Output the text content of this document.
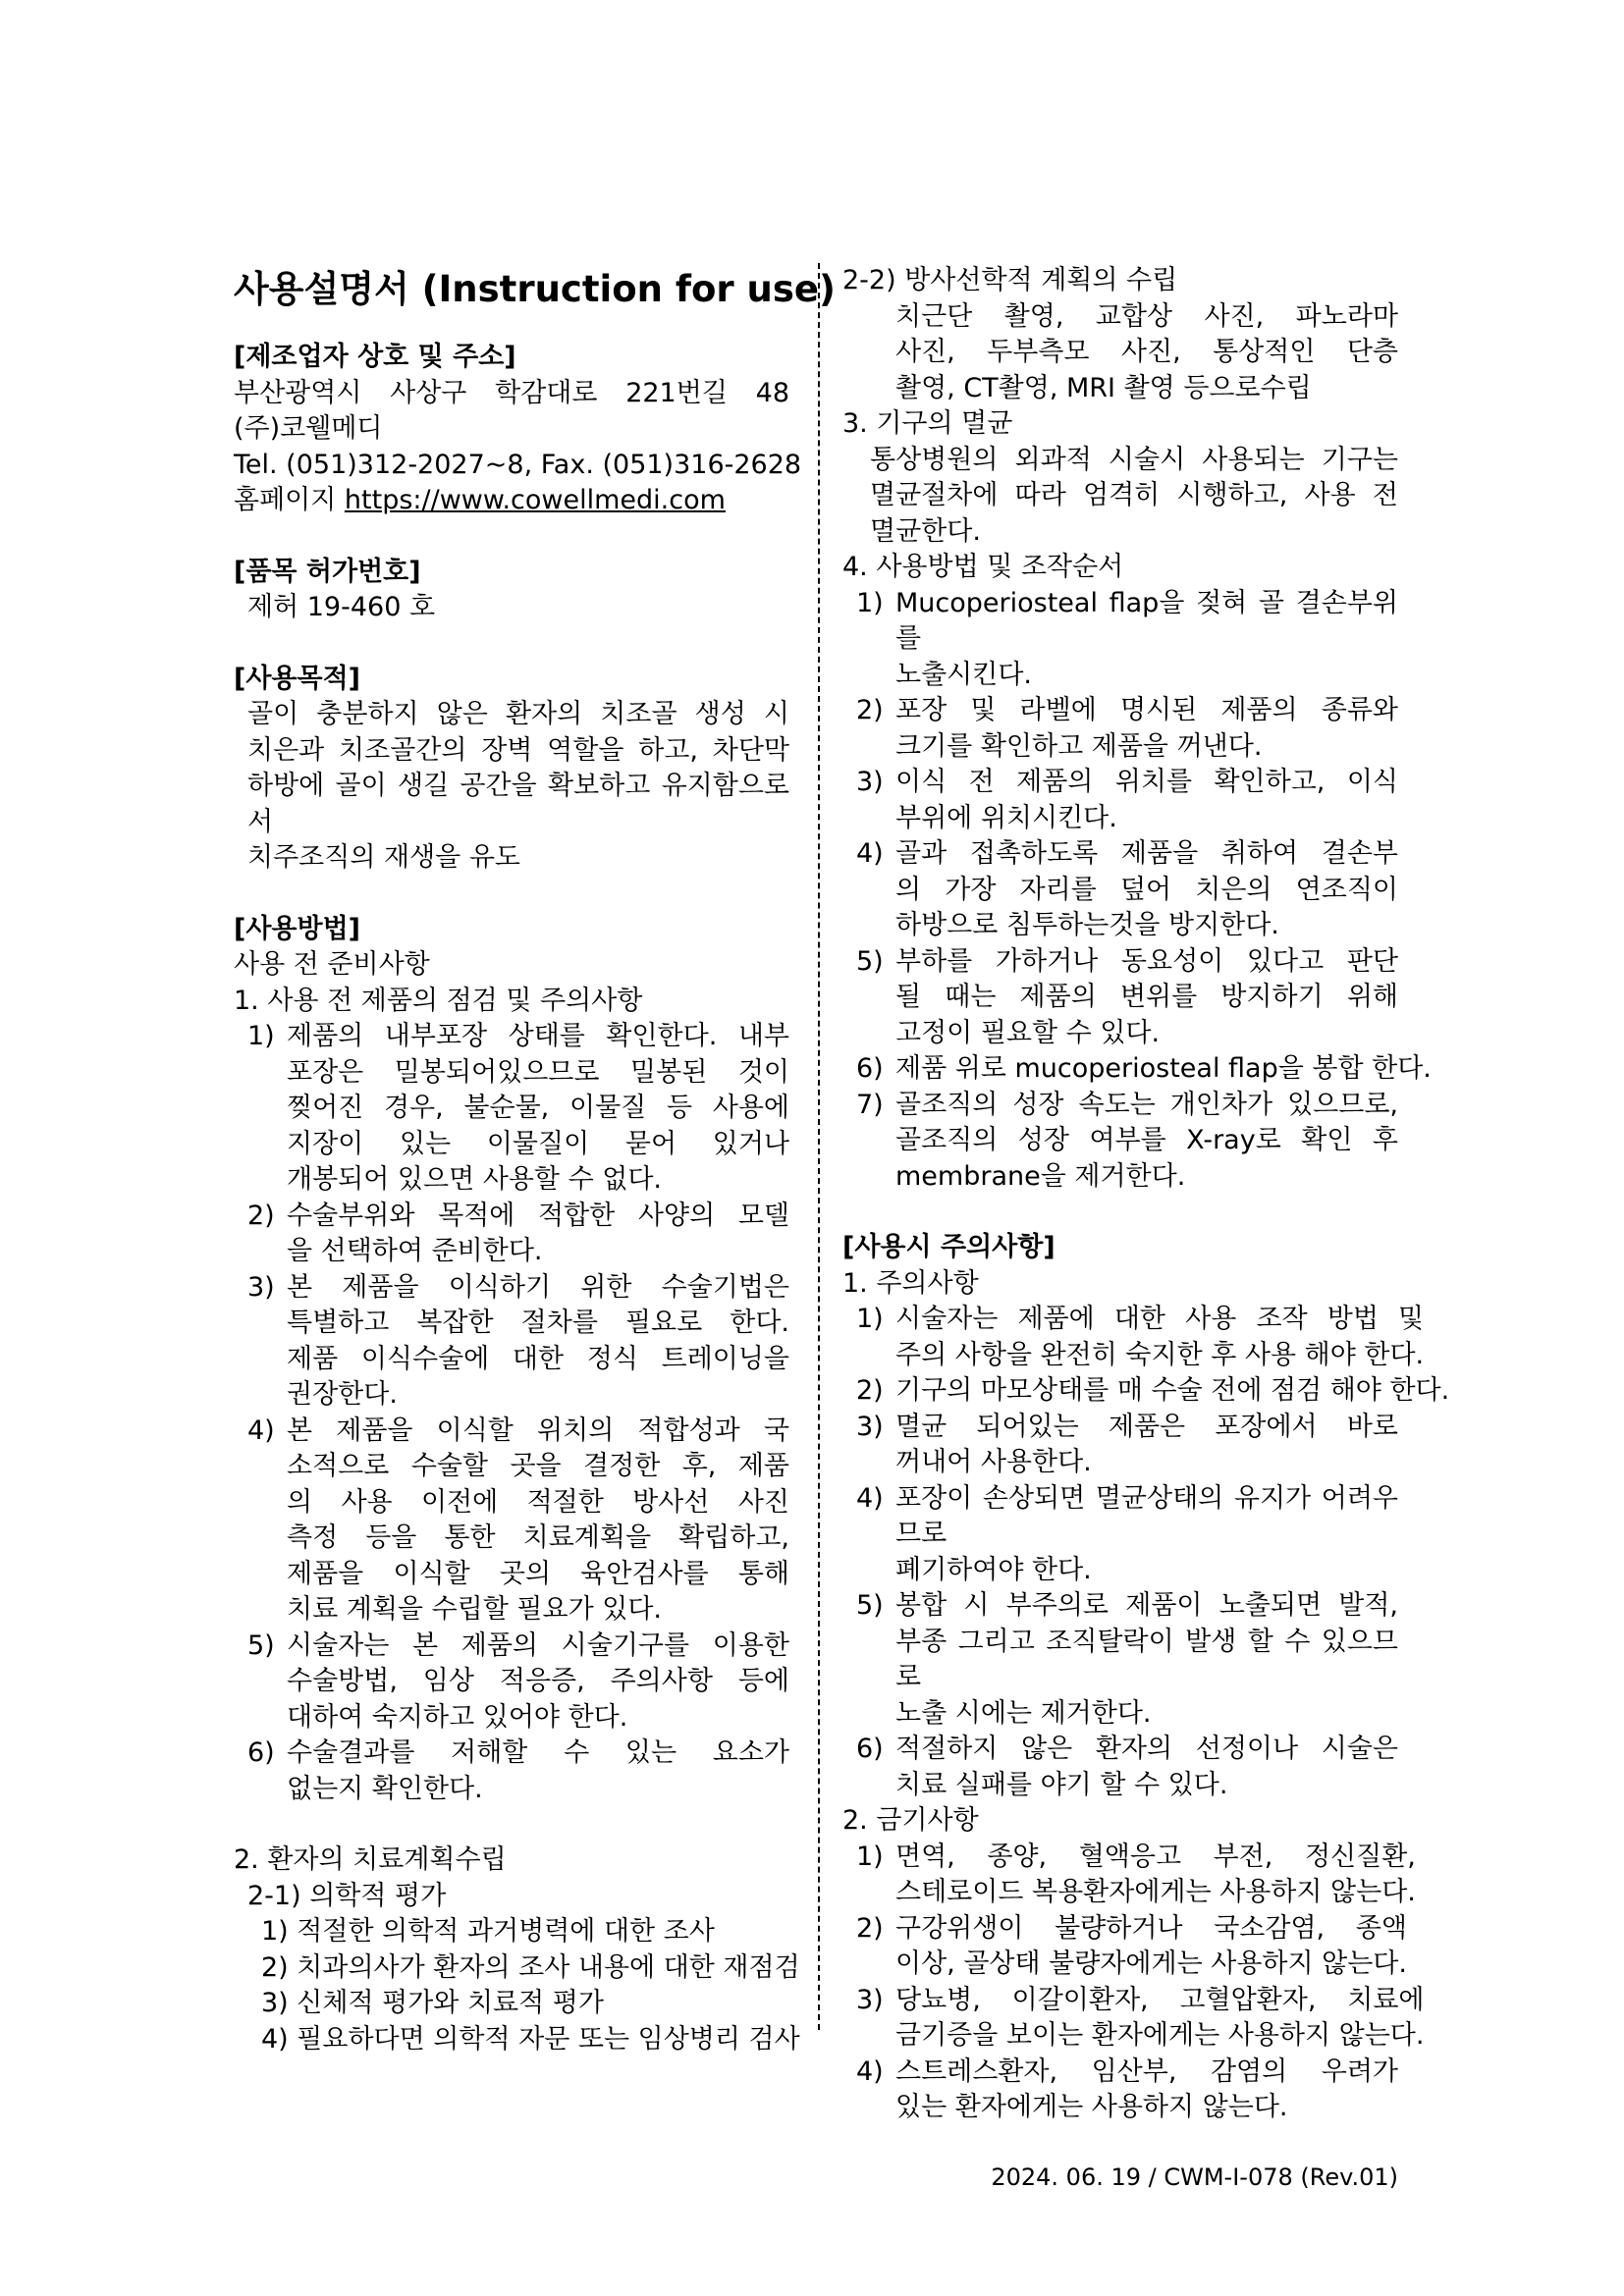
사용설명서 (Instruction for use)
[제조업자 상호 및 주소]
부산광역시 사상구 학감대로 221번길 48
(주)코웰메디
Tel. (051)312-2027~8, Fax. (051)316-2628
홈페이지 https://www.cowellmedi.com
[품목 허가번호]
제허 19-460 호
[사용목적]
골이 충분하지 않은 환자의 치조골 생성 시
치은과 치조골간의 장벽 역할을 하고, 차단막
하방에 골이 생길 공간을 확보하고 유지함으로서
치주조직의 재생을 유도
[사용방법]
사용 전 준비사항
1. 사용 전 제품의 점검 및 주의사항
1) 제품의 내부포장 상태를 확인한다. 내부
포장은 밀봉되어있으므로 밀봉된 것이
찢어진 경우, 불순물, 이물질 등 사용에
지장이 있는 이물질이 묻어 있거나
개봉되어 있으면 사용할 수 없다.
2) 수술부위와 목적에 적합한 사양의 모델
을 선택하여 준비한다.
3) 본 제품을 이식하기 위한 수술기법은
특별하고 복잡한 절차를 필요로 한다.
제품 이식수술에 대한 정식 트레이닝을
권장한다.
4) 본 제품을 이식할 위치의 적합성과 국
소적으로 수술할 곳을 결정한 후, 제품
의 사용 이전에 적절한 방사선 사진
측정 등을 통한 치료계획을 확립하고,
제품을 이식할 곳의 육안검사를 통해
치료 계획을 수립할 필요가 있다.
5) 시술자는 본 제품의 시술기구를 이용한
수술방법, 임상 적응증, 주의사항 등에
대하여 숙지하고 있어야 한다.
6) 수술결과를 저해할 수 있는 요소가
없는지 확인한다.
2. 환자의 치료계획수립
2-1) 의학적 평가
1) 적절한 의학적 과거병력에 대한 조사
2) 치과의사가 환자의 조사 내용에 대한 재점검
3) 신체적 평가와 치료적 평가
4) 필요하다면 의학적 자문 또는 임상병리 검사
2-2) 방사선학적 계획의 수립
치근단 촬영, 교합상 사진, 파노라마
사진, 두부측모 사진, 통상적인 단층
촬영, CT촬영, MRI 촬영 등으로수립
3. 기구의 멸균
통상병원의 외과적 시술시 사용되는 기구는
멸균절차에 따라 엄격히 시행하고, 사용 전
멸균한다.
4. 사용방법 및 조작순서
1) Mucoperiosteal flap을 젖혀 골 결손부위를
노출시킨다.
2) 포장 및 라벨에 명시된 제품의 종류와
크기를 확인하고 제품을 꺼낸다.
3) 이식 전 제품의 위치를 확인하고, 이식
부위에 위치시킨다.
4) 골과 접촉하도록 제품을 취하여 결손부
의 가장 자리를 덮어 치은의 연조직이
하방으로 침투하는것을 방지한다.
5) 부하를 가하거나 동요성이 있다고 판단
될 때는 제품의 변위를 방지하기 위해
고정이 필요할 수 있다.
6) 제품 위로 mucoperiosteal flap을 봉합 한다.
7) 골조직의 성장 속도는 개인차가 있으므로,
골조직의 성장 여부를 X-ray로 확인 후
membrane을 제거한다.
[사용시 주의사항]
1. 주의사항
1) 시술자는 제품에 대한 사용 조작 방법 및
주의 사항을 완전히 숙지한 후 사용 해야 한다.
2) 기구의 마모상태를 매 수술 전에 점검 해야 한다.
3) 멸균 되어있는 제품은 포장에서 바로
꺼내어 사용한다.
4) 포장이 손상되면 멸균상태의 유지가 어려우므로
폐기하여야 한다.
5) 봉합 시 부주의로 제품이 노출되면 발적,
부종 그리고 조직탈락이 발생 할 수 있으므로
노출 시에는 제거한다.
6) 적절하지 않은 환자의 선정이나 시술은
치료 실패를 야기 할 수 있다.
2. 금기사항
1) 면역, 종양, 혈액응고 부전, 정신질환,
스테로이드 복용환자에게는 사용하지 않는다.
2) 구강위생이 불량하거나 국소감염, 종액
이상, 골상태 불량자에게는 사용하지 않는다.
3) 당뇨병, 이갈이환자, 고혈압환자, 치료에
금기증을 보이는 환자에게는 사용하지 않는다.
4) 스트레스환자, 임산부, 감염의 우려가
있는 환자에게는 사용하지 않는다.
2024. 06. 19 / CWM-I-078 (Rev.01)
